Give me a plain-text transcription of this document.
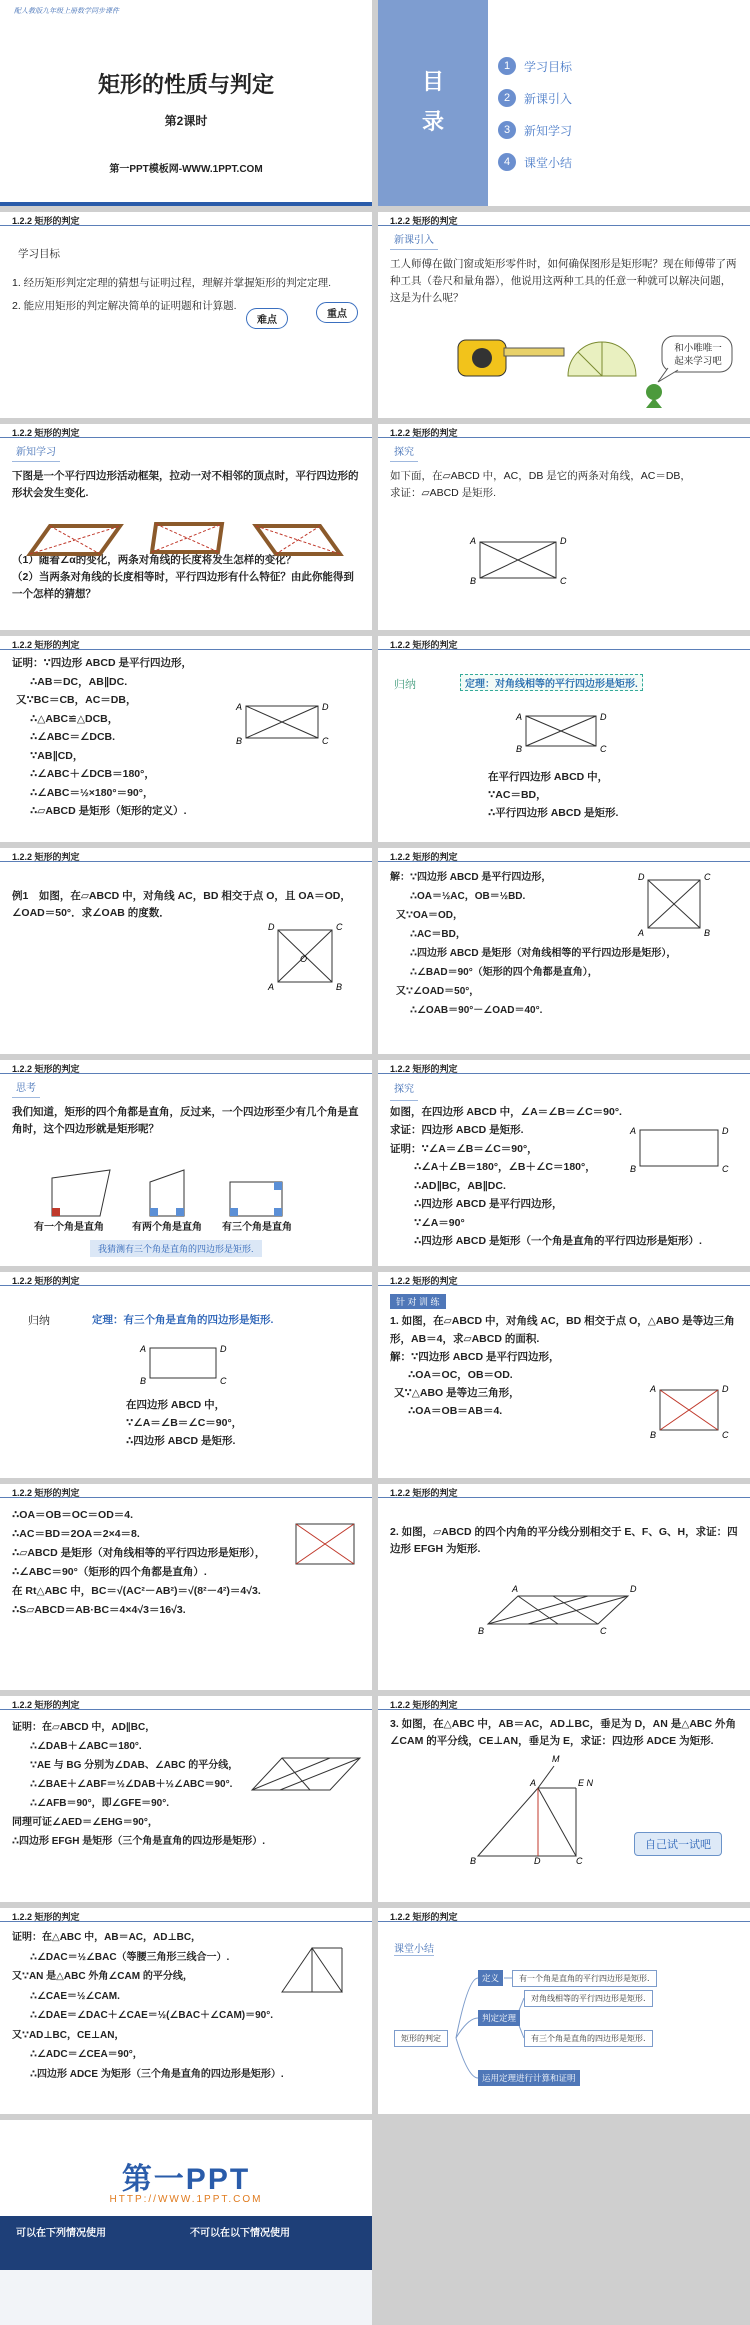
配人教版九年级上册数学同步课件
矩形的性质与判定
第2课时
第一PPT模板网-WWW.1PPT.COM
目 录
1	学习目标
2	新课引入
3	新知学习
4	课堂小结
1.2.2 矩形的判定
学习目标

1. 经历矩形判定定理的猜想与证明过程，理解并掌握矩形的判定定理.

2. 能应用矩形的判定解决简单的证明题和计算题.

难点
重点
1.2.2 矩形的判定
新课引入

工人师傅在做门窗或矩形零件时，如何确保图形是矩形呢？现在师傅带了两种工具（卷尺和量角器），他说用这两种工具的任意一种就可以解决问题，这是为什么呢？

和小唯唯一
起来学习吧
1.2.2 矩形的判定
新知学习

下图是一个平行四边形活动框架，拉动一对不相邻的顶点时，平行四边形的形状会发生变化.

（1）随着∠α的变化，两条对角线的长度将发生怎样的变化？

（2）当两条对角线的长度相等时，平行四边形有什么特征？由此你能得到一个怎样的猜想？

1.2.2 矩形的判定
探究

如下面，在▱ABCD 中，AC，DB 是它的两条对角线，AC＝DB，

求证：▱ABCD 是矩形.

A
B	C
D
1.2.2 矩形的判定

证明：∵四边形 ABCD 是平行四边形，

∴AB＝DC，AB∥DC.

又∵BC＝CB，AC＝DB，

∴△ABC≌△DCB，

∴∠ABC＝∠DCB.

∵AB∥CD，

∴∠ABC＋∠DCB＝180°，

∴∠ABC＝½×180°＝90°，

∴▱ABCD 是矩形（矩形的定义）.

A
B	C
D
1.2.2 矩形的判定
归纳	定理：对角线相等的平行四边形是矩形.
A
B	C
D

在平行四边形 ABCD 中，

∵AC＝BD，

∴平行四边形 ABCD 是矩形.

1.2.2 矩形的判定

例1　如图，在▱ABCD 中，对角线 AC，BD 相交于点 O，且 OA＝OD，

∠OAD＝50°．求∠OAB 的度数．

D
A	B
C
O
1.2.2 矩形的判定

解：∵四边形 ABCD 是平行四边形，

∴OA＝½AC，OB＝½BD.

又∵OA＝OD，

∴AC＝BD，

∴四边形 ABCD 是矩形（对角线相等的平行四边形是矩形），

∴∠BAD＝90°（矩形的四个角都是直角），

又∵∠OAD＝50°，

∴∠OAB＝90°－∠OAD＝40°.

D
A	B
C
1.2.2 矩形的判定
思考

我们知道，矩形的四个角都是直角，反过来，一个四边形至少有几个角是直角时，这个四边形就是矩形呢？

有一个角是直角	有两个角是直角 有三个角是直角
我猜测有三个角是直角的四边形是矩形.
1.2.2 矩形的判定
探究

如图，在四边形 ABCD 中，∠A＝∠B＝∠C＝90°.

求证：四边形 ABCD 是矩形.

证明：∵∠A＝∠B＝∠C＝90°，

∴∠A＋∠B＝180°，∠B＋∠C＝180°，

∴AD∥BC，AB∥DC.

∴四边形 ABCD 是平行四边形，

∵∠A＝90°

∴四边形 ABCD 是矩形（一个角是直角的平行四边形是矩形）.

A
B	C
D
1.2.2 矩形的判定
归纳	定理：有三个角是直角的四边形是矩形.
A
B	C
D

在四边形 ABCD 中，

∵∠A＝∠B＝∠C＝90°，

∴四边形 ABCD 是矩形.

1.2.2 矩形的判定
针 对 训 练

1. 如图，在▱ABCD 中，对角线 AC，BD 相交于点 O，△ABO 是等边三角形，AB＝4，求▱ABCD 的面积.

解：∵四边形 ABCD 是平行四边形，

∴OA＝OC，OB＝OD.

又∵△ABO 是等边三角形，

∴OA＝OB＝AB＝4.

A
B	C
D
1.2.2 矩形的判定

∴OA＝OB＝OC＝OD＝4.

∴AC＝BD＝2OA＝2×4＝8.

∴▱ABCD 是矩形（对角线相等的平行四边形是矩形），

∴∠ABC＝90°（矩形的四个角都是直角）.

在 Rt△ABC 中，BC＝√(AC²－AB²)＝√(8²－4²)＝4√3.

∴S▱ABCD＝AB·BC＝4×4√3＝16√3.

1.2.2 矩形的判定

2. 如图，▱ABCD 的四个内角的平分线分别相交于 E、F、G、H，求证：四边形 EFGH 为矩形.

B
A	D
C
1.2.2 矩形的判定

证明：在▱ABCD 中，AD∥BC，

∴∠DAB＋∠ABC＝180°.

∵AE 与 BG 分别为∠DAB、∠ABC 的平分线，

∴∠BAE＋∠ABF＝½∠DAB＋½∠ABC＝90°.

∴∠AFB＝90°，即∠GFE＝90°.

同理可证∠AED＝∠EHG＝90°，

∴四边形 EFGH 是矩形（三个角是直角的四边形是矩形）.

1.2.2 矩形的判定

3. 如图，在△ABC 中，AB＝AC，AD⊥BC，垂足为 D，AN 是△ABC 外角∠CAM 的平分线，CE⊥AN，垂足为 E，求证：四边形 ADCE 为矩形.

M
A	E N
B	D	C
自己试一试吧
1.2.2 矩形的判定

证明：在△ABC 中，AB＝AC，AD⊥BC，

∴∠DAC＝½∠BAC（等腰三角形三线合一）.

又∵AN 是△ABC 外角∠CAM 的平分线，

∴∠CAE＝½∠CAM.

∴∠DAE＝∠DAC＋∠CAE＝½(∠BAC＋∠CAM)＝90°.

又∵AD⊥BC，CE⊥AN，

∴∠ADC＝∠CEA＝90°，

∴四边形 ADCE 为矩形（三个角是直角的四边形是矩形）.

1.2.2 矩形的判定
课堂小结
矩形的判定
定义
判定定理
运用定理进行计算和证明
有一个角是直角的平行四边形是矩形.
对角线相等的平行四边形是矩形.
有三个角是直角的四边形是矩形.
第一PPT
HTTP://WWW.1PPT.COM
可以在下列情况使用	不可以在以下情况使用
